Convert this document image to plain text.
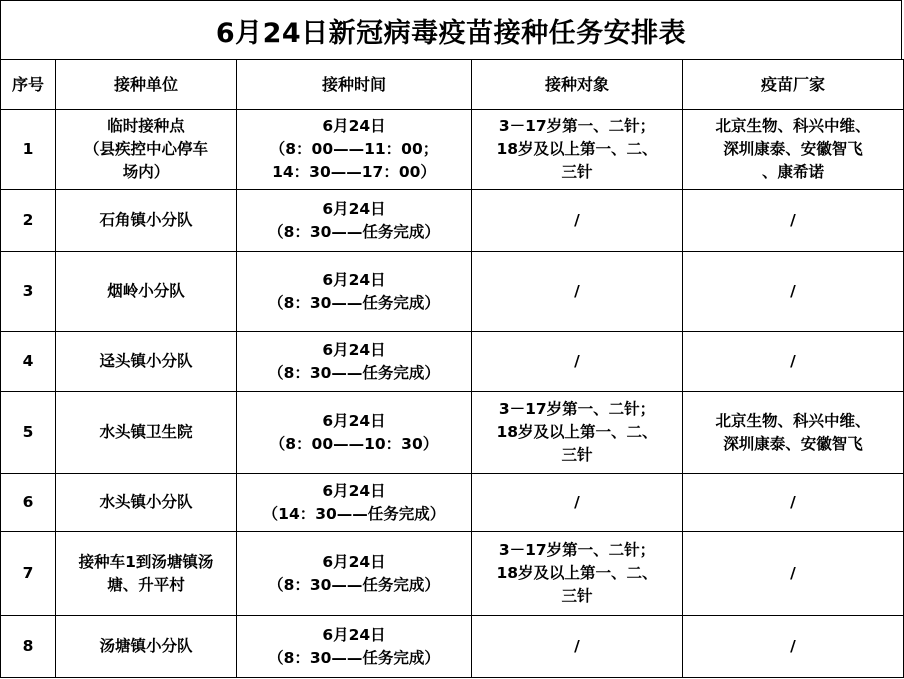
6月24日新冠病毒疫苗接种任务安排表
序号	接种单位	接种时间	接种对象	疫苗厂家
1	临时接种点
（县疾控中心停车
场内）	6月24日
（8：00——11：00；
14：30——17：00）	3－17岁第一、二针；
18岁及以上第一、二、
三针	北京生物、科兴中维、
深圳康泰、安徽智飞
、康希诺

2	石角镇小分队	6月24日
（8：30——任务完成）	/	/

3	烟岭小分队	6月24日
（8：30——任务完成）	/	/

4	迳头镇小分队	6月24日
（8：30——任务完成）	/	/

5	水头镇卫生院	6月24日
（8：00——10：30）	3－17岁第一、二针；
18岁及以上第一、二、
三针	北京生物、科兴中维、
深圳康泰、安徽智飞

6	水头镇小分队	6月24日
（14：30——任务完成）	/	/

7	接种车1到汤塘镇汤
塘、升平村	6月24日
（8：30——任务完成）	3－17岁第一、二针；
18岁及以上第一、二、
三针	/

8	汤塘镇小分队	6月24日
（8：30——任务完成）	/	/
